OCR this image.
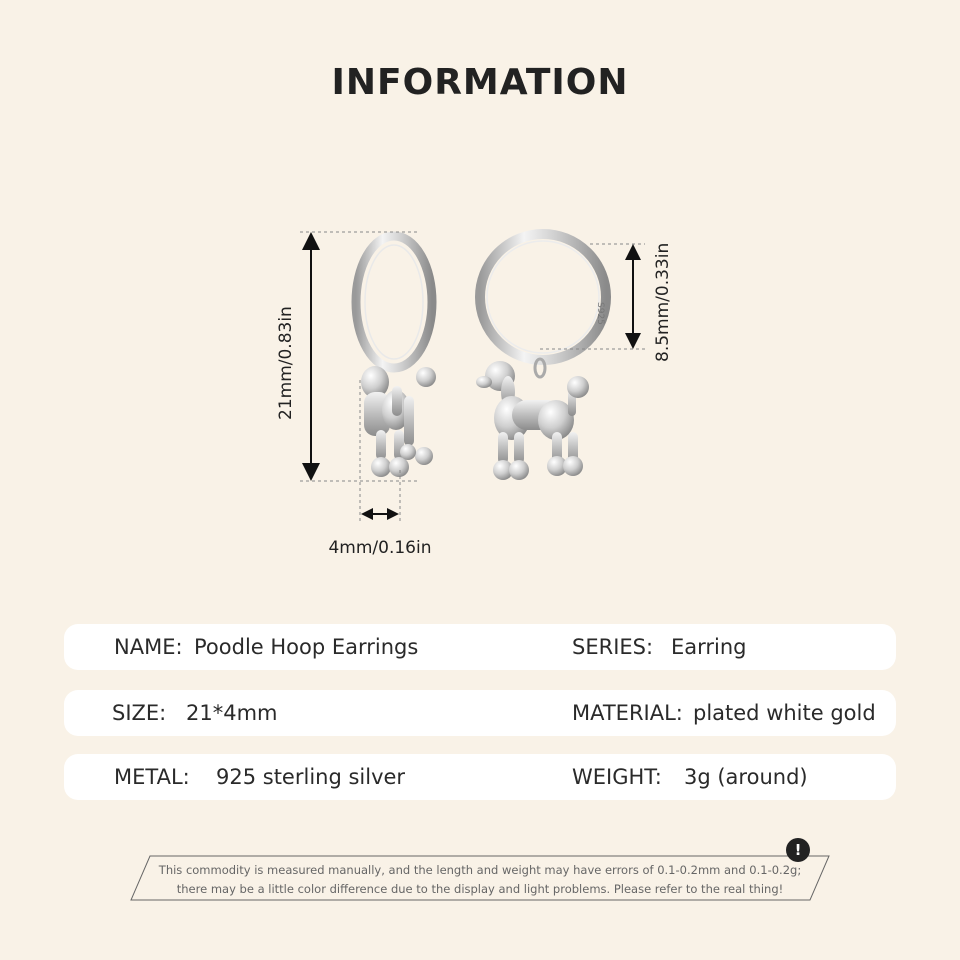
INFORMATION
S925
21mm/0.83in
4mm/0.16in
8.5mm/0.33in
NAME: Poodle Hoop Earrings	SERIES: Earring
SIZE: 21*4mm	MATERIAL: plated white gold
METAL: 925 sterling silver	WEIGHT: 3g (around)
This commodity is measured manually, and the length and weight may have errors of 0.1-0.2mm and 0.1-0.2g;
there may be a little color difference due to the display and light problems. Please refer to the real thing!
!
